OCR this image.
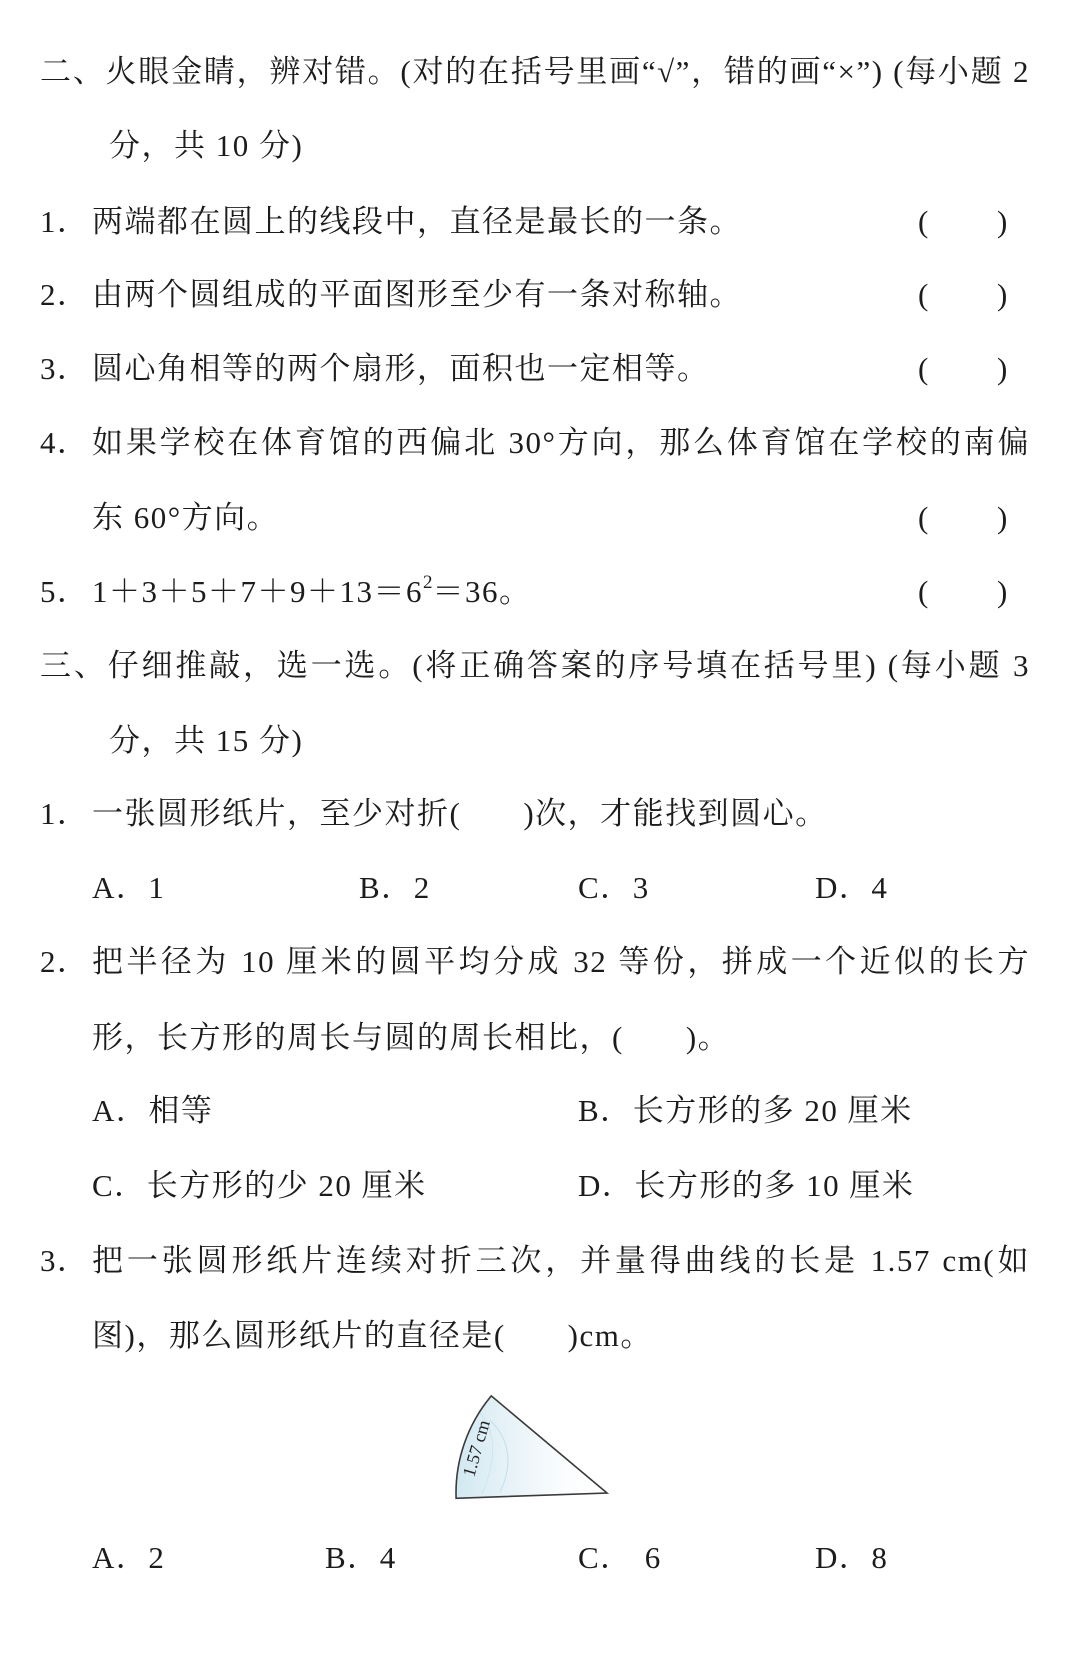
二、火眼金睛，辨对错。(对的在括号里画“√”，错的画“×”) (每小题 2
分，共 10 分)
1． 两端都在圆上的线段中，直径是最长的一条。	( )
2． 由两个圆组成的平面图形至少有一条对称轴。	( )
3． 圆心角相等的两个扇形，面积也一定相等。	( )
4． 如果学校在体育馆的西偏北 30°方向，那么体育馆在学校的南偏
东 60°方向。	( )
5． $1+3+5+7+9+13=6^2=36$。	( )
三、仔细推敲，选一选。(将正确答案的序号填在括号里) (每小题 3
分，共 15 分)
1． 一张圆形纸片，至少对折( )次，才能找到圆心。
A．1	B．2	C．3	D．4
2． 把半径为 10 厘米的圆平均分成 32 等份，拼成一个近似的长方
形，长方形的周长与圆的周长相比，( )。
A．相等	B．长方形的多 20 厘米
C．长方形的少 20 厘米	D．长方形的多 10 厘米
3． 把一张圆形纸片连续对折三次，并量得曲线的长是 1.57 cm(如
图)，那么圆形纸片的直径是( )cm。
1.57 cm
A．2	B．4	C． 6	D．8
